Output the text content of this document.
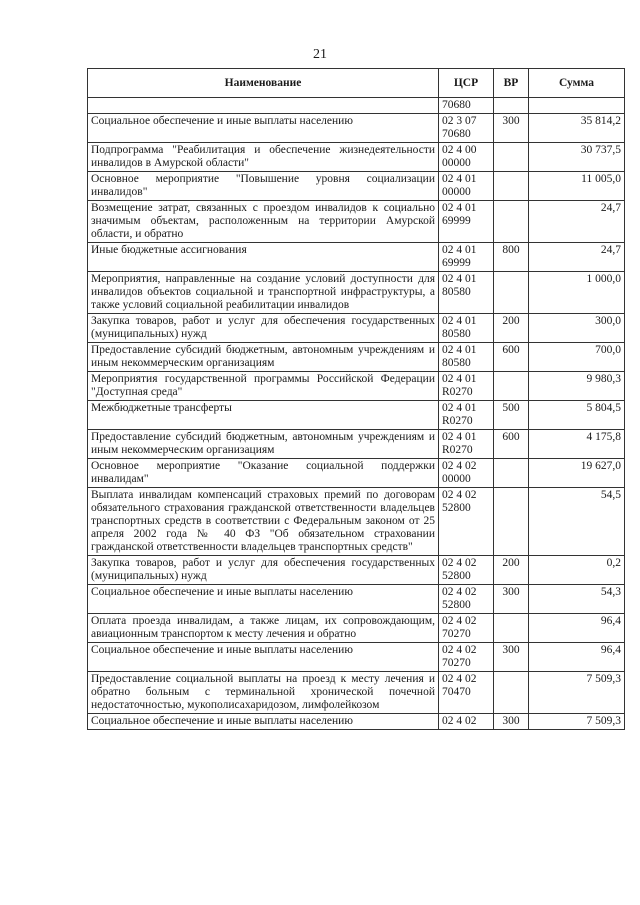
21
Наименование	ЦСР	ВР	Сумма
	70680		
Социальное обеспечение и иные выплаты населению	02 3 07 70680	300	35 814,2
Подпрограмма "Реабилитация и обеспечение жизнедеятельности инвалидов в Амурской области"	02 4 00 00000		30 737,5
Основное мероприятие "Повышение уровня социализации инвалидов"	02 4 01 00000		11 005,0
Возмещение затрат, связанных с проездом инвалидов к социально значимым объектам, расположенным на территории Амурской области, и обратно	02 4 01 69999		24,7
Иные бюджетные ассигнования	02 4 01 69999	800	24,7
Мероприятия, направленные на создание условий доступности для инвалидов объектов социальной и транспортной инфраструктуры, а также условий социальной реабилитации инвалидов	02 4 01 80580		1 000,0
Закупка товаров, работ и услуг для обеспечения государственных (муниципальных) нужд	02 4 01 80580	200	300,0
Предоставление субсидий бюджетным, автономным учреждениям и иным некоммерческим организациям	02 4 01 80580	600	700,0
Мероприятия государственной программы Российской Федерации "Доступная среда"	02 4 01 R0270		9 980,3
Межбюджетные трансферты	02 4 01 R0270	500	5 804,5
Предоставление субсидий бюджетным, автономным учреждениям и иным некоммерческим организациям	02 4 01 R0270	600	4 175,8
Основное мероприятие "Оказание социальной поддержки инвалидам"	02 4 02 00000		19 627,0
Выплата инвалидам компенсаций страховых премий по договорам обязательного страхования гражданской ответственности владельцев транспортных средств в соответствии с Федеральным законом от 25 апреля 2002 года № 40 ФЗ "Об обязательном страховании гражданской ответственности владельцев транспортных средств"	02 4 02 52800		54,5
Закупка товаров, работ и услуг для обеспечения государственных (муниципальных) нужд	02 4 02 52800	200	0,2
Социальное обеспечение и иные выплаты населению	02 4 02 52800	300	54,3
Оплата проезда инвалидам, а также лицам, их сопровождающим, авиационным транспортом к месту лечения и обратно	02 4 02 70270		96,4
Социальное обеспечение и иные выплаты населению	02 4 02 70270	300	96,4
Предоставление социальной выплаты на проезд к месту лечения и обратно больным с терминальной хронической почечной недостаточностью, мукополисахаридозом, лимфолейкозом	02 4 02 70470		7 509,3
Социальное обеспечение и иные выплаты населению	02 4 02	300	7 509,3
